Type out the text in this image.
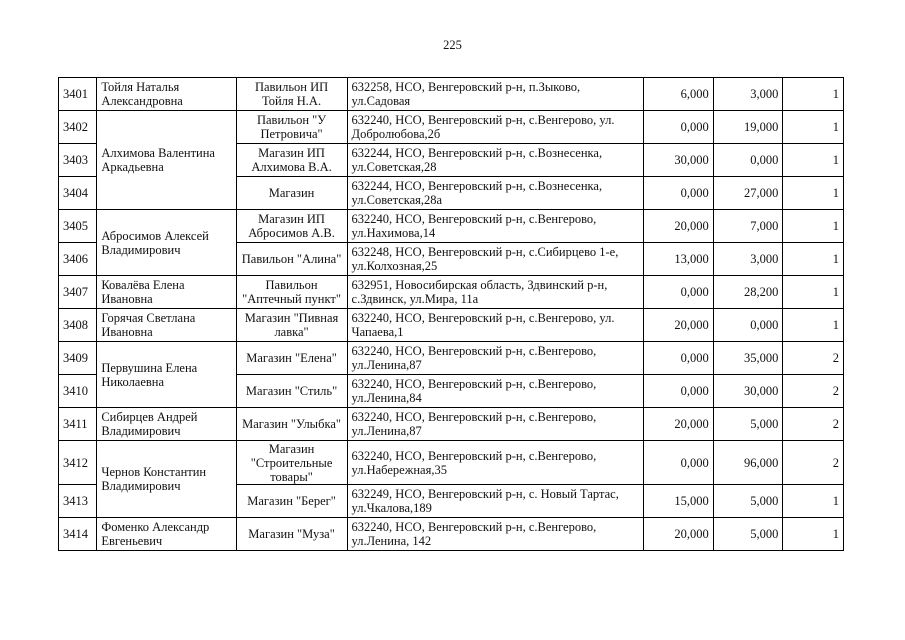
225
3401	Тойля Наталья Александровна	Павильон ИП Тойля Н.А.	632258, НСО, Венгеровский р-н, п.Зыково, ул.Садовая	6,000	3,000	1
3402	Алхимова Валентина Аркадьевна	Павильон "У Петровича"	632240, НСО, Венгеровский р-н, с.Венгерово, ул. Добролюбова,2б	0,000	19,000	1
3403		Магазин ИП Алхимова В.А.	632244, НСО, Венгеровский р-н, с.Вознесенка, ул.Советская,28	30,000	0,000	1
3404		Магазин	632244, НСО, Венгеровский р-н, с.Вознесенка, ул.Советская,28а	0,000	27,000	1
3405	Абросимов Алексей Владимирович	Магазин ИП Абросимов А.В.	632240, НСО, Венгеровский р-н, с.Венгерово, ул.Нахимова,14	20,000	7,000	1
3406		Павильон "Алина"	632248, НСО, Венгеровский р-н, с.Сибирцево 1-е, ул.Колхозная,25	13,000	3,000	1
3407	Ковалёва Елена Ивановна	Павильон "Аптечный пункт"	632951, Новосибирская область, Здвинский р-н, с.Здвинск, ул.Мира, 11а	0,000	28,200	1
3408	Горячая Светлана Ивановна	Магазин "Пивная лавка"	632240, НСО, Венгеровский р-н, с.Венгерово, ул. Чапаева,1	20,000	0,000	1
3409	Первушина Елена Николаевна	Магазин "Елена"	632240, НСО, Венгеровский р-н, с.Венгерово, ул.Ленина,87	0,000	35,000	2
3410		Магазин "Стиль"	632240, НСО, Венгеровский р-н, с.Венгерово, ул.Ленина,84	0,000	30,000	2
3411	Сибирцев Андрей Владимирович	Магазин "Улыбка"	632240, НСО, Венгеровский р-н, с.Венгерово, ул.Ленина,87	20,000	5,000	2
3412	Чернов Константин Владимирович	Магазин "Строительные товары"	632240, НСО, Венгеровский р-н, с.Венгерово, ул.Набережная,35	0,000	96,000	2
3413		Магазин "Берег"	632249, НСО, Венгеровский р-н, с. Новый Тартас, ул.Чкалова,189	15,000	5,000	1
3414	Фоменко Александр Евгеньевич	Магазин "Муза"	632240, НСО, Венгеровский р-н, с.Венгерово, ул.Ленина, 142	20,000	5,000	1
